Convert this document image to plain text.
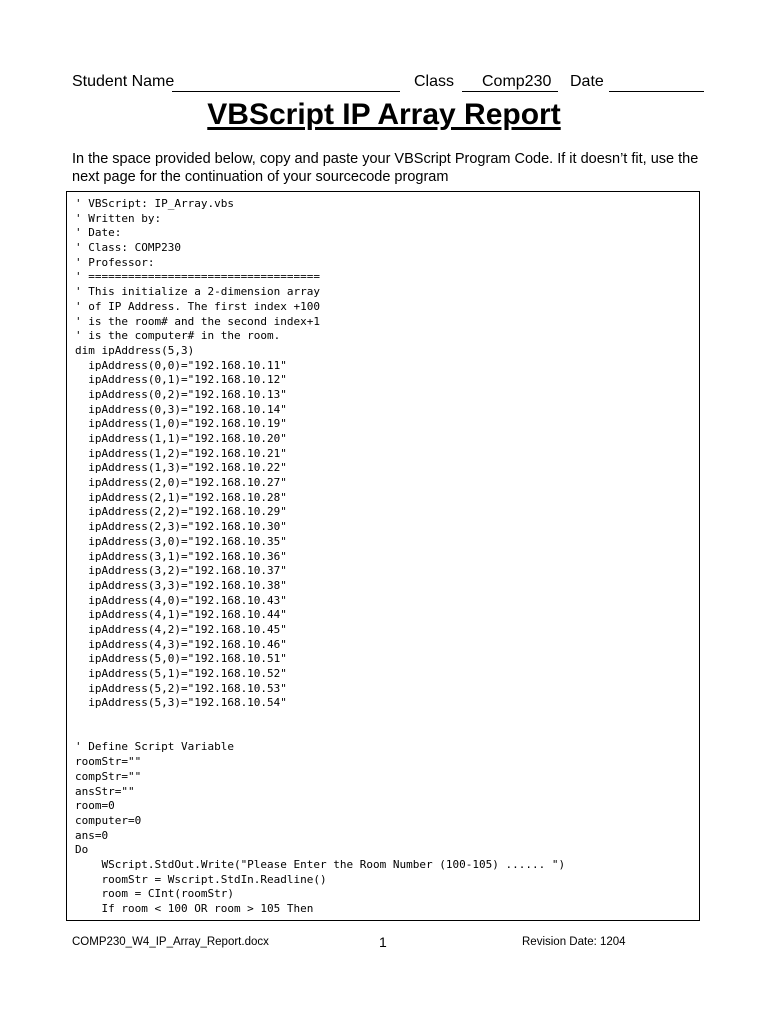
Student Name	Class Comp230 Date
VBScript IP Array Report
In the space provided below, copy and paste your VBScript Program Code. If it doesn’t fit, use the next page for the continuation of your sourcecode program
' VBScript: IP_Array.vbs
' Written by:
' Date:
' Class: COMP230
' Professor:
' ===================================
' This initialize a 2-dimension array
' of IP Address. The first index +100
' is the room# and the second index+1
' is the computer# in the room.
dim ipAddress(5,3)
ipAddress(0,0)="192.168.10.11"
ipAddress(0,1)="192.168.10.12"
ipAddress(0,2)="192.168.10.13"
ipAddress(0,3)="192.168.10.14"
ipAddress(1,0)="192.168.10.19"
ipAddress(1,1)="192.168.10.20"
ipAddress(1,2)="192.168.10.21"
ipAddress(1,3)="192.168.10.22"
ipAddress(2,0)="192.168.10.27"
ipAddress(2,1)="192.168.10.28"
ipAddress(2,2)="192.168.10.29"
ipAddress(2,3)="192.168.10.30"
ipAddress(3,0)="192.168.10.35"
ipAddress(3,1)="192.168.10.36"
ipAddress(3,2)="192.168.10.37"
ipAddress(3,3)="192.168.10.38"
ipAddress(4,0)="192.168.10.43"
ipAddress(4,1)="192.168.10.44"
ipAddress(4,2)="192.168.10.45"
ipAddress(4,3)="192.168.10.46"
ipAddress(5,0)="192.168.10.51"
ipAddress(5,1)="192.168.10.52"
ipAddress(5,2)="192.168.10.53"
ipAddress(5,3)="192.168.10.54"
' Define Script Variable
roomStr=""
compStr=""
ansStr=""
room=0
computer=0
ans=0
Do
WScript.StdOut.Write("Please Enter the Room Number (100-105) ...... ")
roomStr = Wscript.StdIn.Readline()
room = CInt(roomStr)
If room < 100 OR room > 105 Then
COMP230_W4_IP_Array_Report.docx	1	Revision Date: 1204
